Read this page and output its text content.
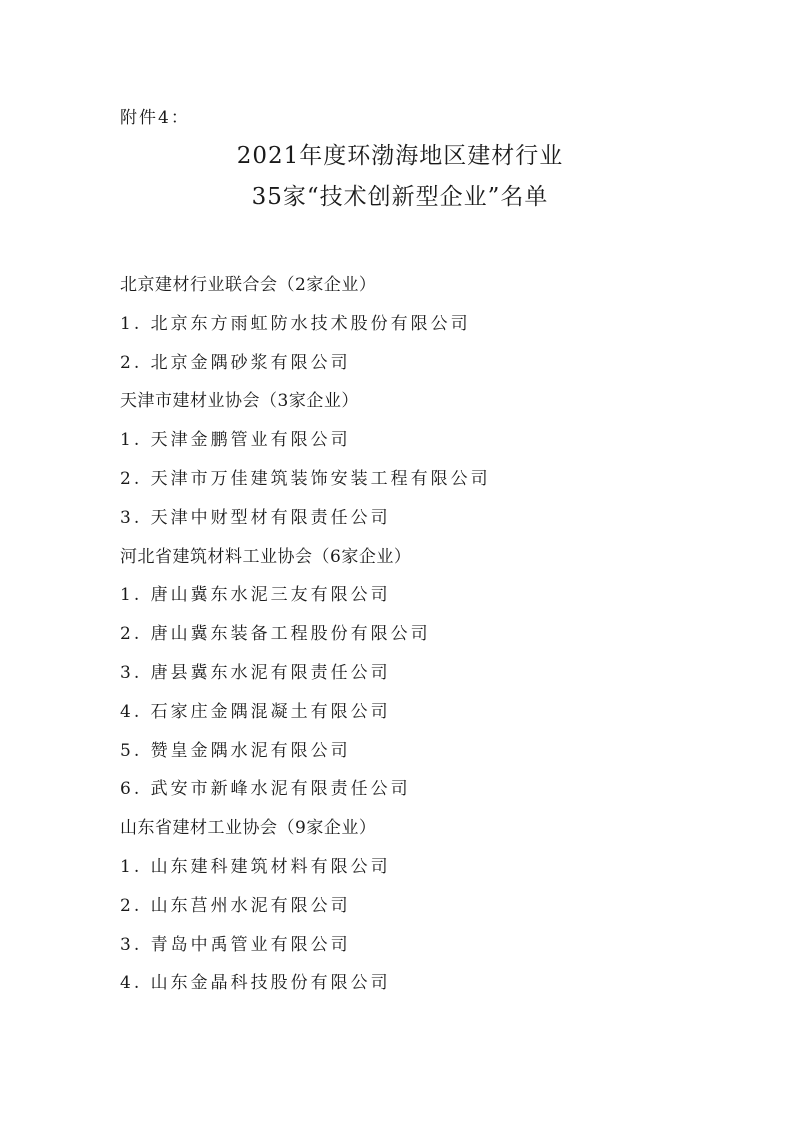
附件4：
2021年度环渤海地区建材行业
35家“技术创新型企业”名单
北京建材行业联合会（2家企业）
1. 北京东方雨虹防水技术股份有限公司
2. 北京金隅砂浆有限公司
天津市建材业协会（3家企业）
1. 天津金鹏管业有限公司
2. 天津市万佳建筑装饰安装工程有限公司
3. 天津中财型材有限责任公司
河北省建筑材料工业协会（6家企业）
1. 唐山冀东水泥三友有限公司
2. 唐山冀东装备工程股份有限公司
3. 唐县冀东水泥有限责任公司
4. 石家庄金隅混凝土有限公司
5. 赞皇金隅水泥有限公司
6. 武安市新峰水泥有限责任公司
山东省建材工业协会（9家企业）
1. 山东建科建筑材料有限公司
2. 山东莒州水泥有限公司
3. 青岛中禹管业有限公司
4. 山东金晶科技股份有限公司
